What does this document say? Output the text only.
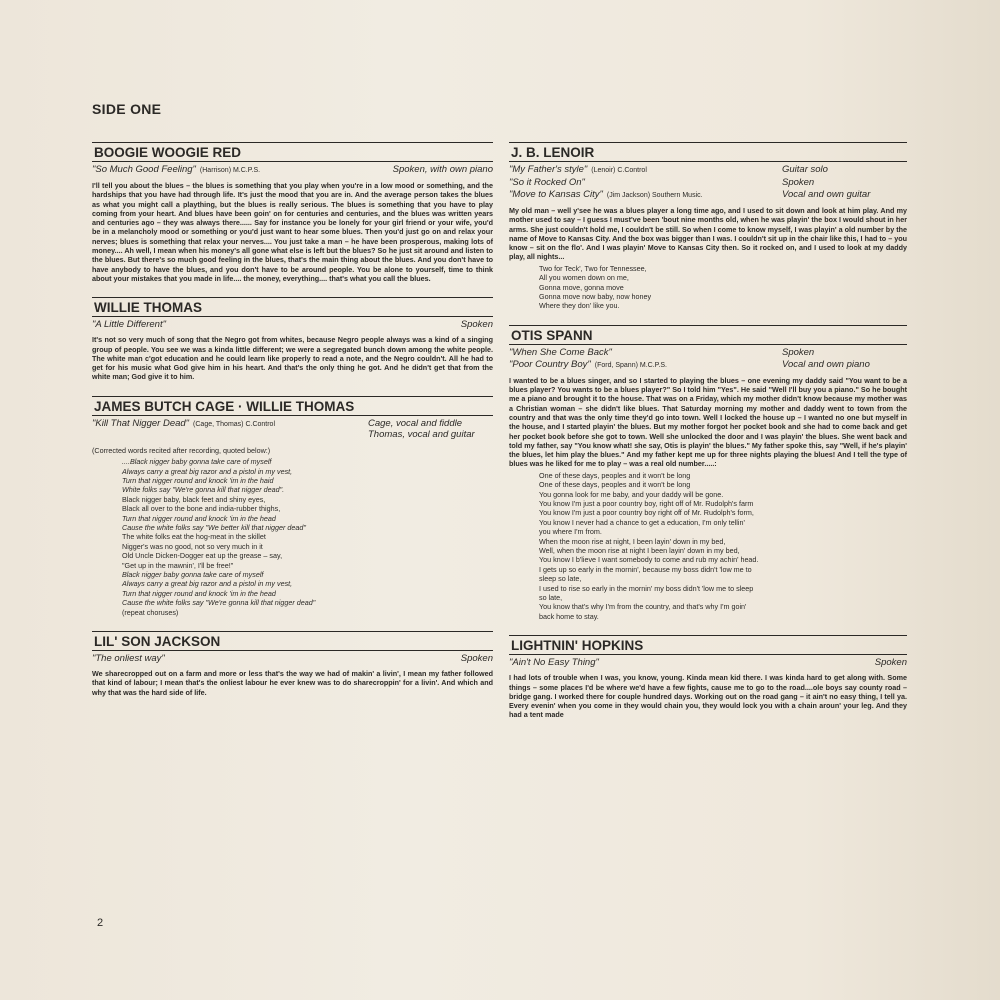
SIDE ONE
BOOGIE WOOGIE RED
"So Much Good Feeling" (Harrison) M.C.P.S.	Spoken, with own piano
I'll tell you about the blues – the blues is something that you play when you're in a low mood or something, and the hardships that you have had through life. It's just the mood that you are in. And the average person takes the blues as what you might call a plaything, but the blues is really serious. The blues is something that you have to play coming from your heart. And blues have been goin' on for centuries and centuries, and the blues was written years and centuries ago – they was always there...... Say for instance you be lonely for your girl friend or your wife, you'd be in a melancholy mood or something or you'd just want to hear some blues. Then you'd just go on and relax your nerves; blues is something that relax your nerves.... You just take a man – he have been prosperous, making lots of money.... Ah well, I mean when his money's all gone what else is left but the blues? So he just sit around and listen to the blues. But there's so much good feeling in the blues, that's the main thing about the blues. And you don't have to have anybody to have the blues, and you don't have to be around people. You be alone to yourself, time to think about your mistakes that you made in life.... the money, everything.... that's what you call the blues.
WILLIE THOMAS
"A Little Different"	Spoken
It's not so very much of song that the Negro got from whites, because Negro people always was a kind of a singing group of people. You see we was a kinda little different; we were a segregated bunch down among the white people. The white man c'got education and he could learn like properly to read a note, and the Negro couldn't. All he had to get for his music what God give him in his heart. And that's the only thing he got. And he didn't get that from the white man; God give it to him.
JAMES BUTCH CAGE · WILLIE THOMAS
"Kill That Nigger Dead" (Cage, Thomas) C.Control	Cage, vocal and fiddle Thomas, vocal and guitar
(Corrected words recited after recording, quoted below:)
....Black nigger baby gonna take care of myself
Always carry a great big razor and a pistol in my vest,
Turn that nigger round and knock 'im in the haid
White folks say "We're gonna kill that nigger dead".
Black nigger baby, black feet and shiny eyes,
Black all over to the bone and india-rubber thighs,
Turn that nigger round and knock 'im in the head
Cause the white folks say "We better kill that nigger dead"
The white folks eat the hog-meat in the skillet
Nigger's was no good, not so very much in it
Old Uncle Dicken-Dogger eat up the grease – say,
"Get up in the mawnin', I'll be free!"
Black nigger baby gonna take care of myself
Always carry a great big razor and a pistol in my vest,
Turn that nigger round and knock 'im in the head
Cause the white folks say "We're gonna kill that nigger dead"
(repeat choruses)
LIL' SON JACKSON
"The onliest way"	Spoken
We sharecropped out on a farm and more or less that's the way we had of makin' a livin', I mean my father followed that kind of labour; I mean that's the onliest labour he ever knew was to do sharecroppin' for a livin'. And which and why that was the hard side of life.
J. B. LENOIR
"My Father's style" (Lenoir) C.Control	Guitar solo
"So it Rocked On"	Spoken
"Move to Kansas City" (Jim Jackson) Southern Music.	Vocal and own guitar
My old man – well y'see he was a blues player a long time ago, and I used to sit down and look at him play. And my mother used to say – I guess I must've been 'bout nine months old, when he was playin' the box I would shout in her arms. She just couldn't hold me, I couldn't be still. So when I come to know myself, I was playin' a old number by the name of Move to Kansas City. And the box was bigger than I was. I couldn't sit up in the chair like this, I had to – you know – sit on the flo'. And I was playin' Move to Kansas City then. So it rocked on, and I used to look at my daddy play, all nights...
Two for Teck', Two for Tennessee,
All you women down on me,
Gonna move, gonna move
Gonna move now baby, now honey
Where they don' like you.
OTIS SPANN
"When She Come Back"	Spoken
"Poor Country Boy" (Ford, Spann) M.C.P.S.	Vocal and own piano
I wanted to be a blues singer, and so I started to playing the blues – one evening my daddy said "You want to be a blues player? You wants to be a blues player?" So I told him "Yes". He said "Well I'll buy you a piano." So he bought me a piano and brought it to the house. That was on a Friday, which my mother didn't know because my mother was a Christian woman – she didn't like blues. That Saturday morning my mother and daddy went to town from the country and that was the only time they'd go into town. Well I locked the house up – I wanted no one but myself in the house, and I started playin' the blues. But my mother forgot her pocket book and she had to come back and get her pocket book before she got to town. Well she unlocked the door and I was playin' the blues. She went back and told my father, say "You know what! she say, Otis is playin' the blues." My father spoke this, say "Well, if he's playin' the blues, let him play the blues." And my father kept me up for three nights playing the blues! And I tell the type of blues was he liked for me to play – was a real old number.....:
One of these days, peoples and it won't be long
One of these days, peoples and it won't be long
You gonna look for me baby, and your daddy will be gone.
You know I'm just a poor country boy, right off of Mr. Rudolph's farm
You know I'm just a poor country boy right off of Mr. Rudolph's form,
You know I never had a chance to get a education, I'm only tellin'
you where I'm from.
When the moon rise at night, I been layin' down in my bed,
Well, when the moon rise at night I been layin' down in my bed,
You know I b'lieve I want somebody to come and rub my achin' head.
I gets up so early in the mornin', because my boss didn't 'low me to
sleep so late,
I used to rise so early in the mornin' my boss didn't 'low me to sleep
so late,
You know that's why I'm from the country, and that's why I'm goin'
back home to stay.
LIGHTNIN' HOPKINS
"Ain't No Easy Thing"	Spoken
I had lots of trouble when I was, you know, young. Kinda mean kid there. I was kinda hard to get along with. Some things – some places I'd be where we'd have a few fights, cause me to go to the road....ole boys say county road – bridge gang. I worked there for couple hundred days. Working out on the road gang – it ain't no easy thing, I tell ya. Every evenin' when you come in they would chain you, they would lock you with a chain aroun' your leg. And they had a tent made
2
